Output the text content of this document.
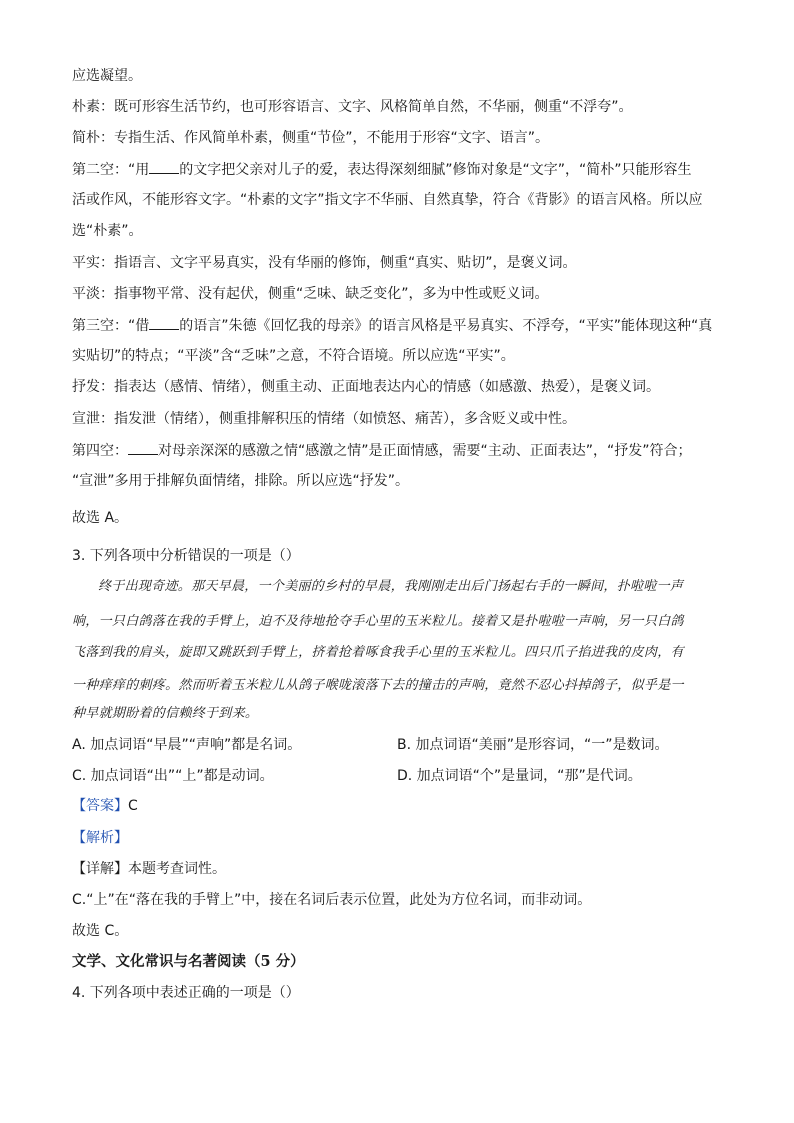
应选凝望。
朴素：既可形容生活节约，也可形容语言、文字、风格简单自然，不华丽，侧重“不浮夸”。
简朴：专指生活、作风简单朴素，侧重“节俭”，不能用于形容“文字、语言”。
第二空：“用 的文字把父亲对儿子的爱，表达得深刻细腻”修饰对象是“文字”，“简朴”只能形容生
活或作风，不能形容文字。“朴素的文字”指文字不华丽、自然真挚，符合《背影》的语言风格。所以应
选“朴素”。
平实：指语言、文字平易真实，没有华丽的修饰，侧重“真实、贴切”，是褒义词。
平淡：指事物平常、没有起伏，侧重“乏味、缺乏变化”，多为中性或贬义词。
第三空：“借 的语言”朱德《回忆我的母亲》的语言风格是平易真实、不浮夸，“平实”能体现这种“真
实贴切”的特点；“平淡”含“乏味”之意，不符合语境。所以应选“平实”。
抒发：指表达（感情、情绪），侧重主动、正面地表达内心的情感（如感激、热爱），是褒义词。
宣泄：指发泄（情绪），侧重排解积压的情绪（如愤怒、痛苦），多含贬义或中性。
第四空： 对母亲深深的感激之情“感激之情”是正面情感，需要“主动、正面表达”，“抒发”符合；
“宣泄”多用于排解负面情绪，排除。所以应选“抒发”。
故选 A。
3. 下列各项中分析错误的一项是（）
终于出现奇迹。那天早晨，一个美丽的乡村的早晨，我刚刚走出后门扬起右手的一瞬间，扑啦啦一声
响，一只白鸽落在我的手臂上，迫不及待地抢夺手心里的玉米粒儿。接着又是扑啦啦一声响，另一只白鸽
飞落到我的肩头，旋即又跳跃到手臂上，挤着抢着啄食我手心里的玉米粒儿。四只爪子掐进我的皮肉，有
一种痒痒的刺疼。然而听着玉米粒儿从鸽子喉咙滚落下去的撞击的声响，竟然不忍心抖掉鸽子，似乎是一
种早就期盼着的信赖终于到来。
A. 加点词语“早晨”“声响”都是名词。	B. 加点词语“美丽”是形容词，“一”是数词。
C. 加点词语“出”“上”都是动词。	D. 加点词语“个”是量词，“那”是代词。
【答案】C
【解析】
【详解】本题考查词性。
C.“上”在“落在我的手臂上”中，接在名词后表示位置，此处为方位名词，而非动词。
故选 C。
文学、文化常识与名著阅读（5 分）
4. 下列各项中表述正确的一项是（）
